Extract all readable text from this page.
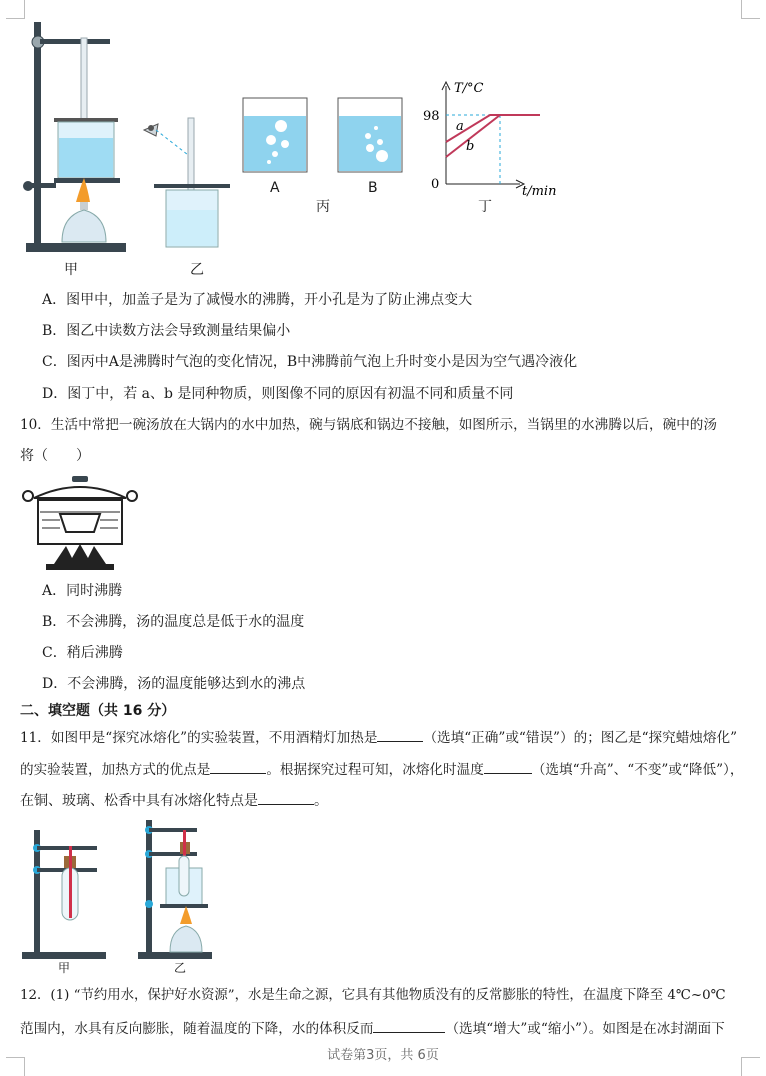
甲	乙
A	B
丙
T/°C
98
0
a
b
t/min
丁
A．图甲中，加盖子是为了减慢水的沸腾，开小孔是为了防止沸点变大
B．图乙中读数方法会导致测量结果偏小
C．图丙中A是沸腾时气泡的变化情况，B中沸腾前气泡上升时变小是因为空气遇冷液化
D．图丁中，若 a、b 是同种物质，则图像不同的原因有初温不同和质量不同
10．生活中常把一碗汤放在大锅内的水中加热，碗与锅底和锅边不接触，如图所示，当锅里的水沸腾以后，碗中的汤
将（　　）
A．同时沸腾
B．不会沸腾，汤的温度总是低于水的温度
C．稍后沸腾
D．不会沸腾，汤的温度能够达到水的沸点
二、填空题（共 16 分）
11．如图甲是“探究冰熔化”的实验装置，不用酒精灯加热是	（选填“正确”或“错误”）的；图乙是“探究蜡烛熔化”
的实验装置，加热方式的优点是	。根据探究过程可知，冰熔化时温度	（选填“升高”、“不变”或“降低”），
在铜、玻璃、松香中具有冰熔化特点是	。
甲	乙
12．(1) “节约用水，保护好水资源”，水是生命之源，它具有其他物质没有的反常膨胀的特性，在温度下降至 4℃~0℃
范围内，水具有反向膨胀，随着温度的下降，水的体积反而	（选填“增大”或“缩小”）。如图是在冰封湖面下
试卷第3页，共 6页
